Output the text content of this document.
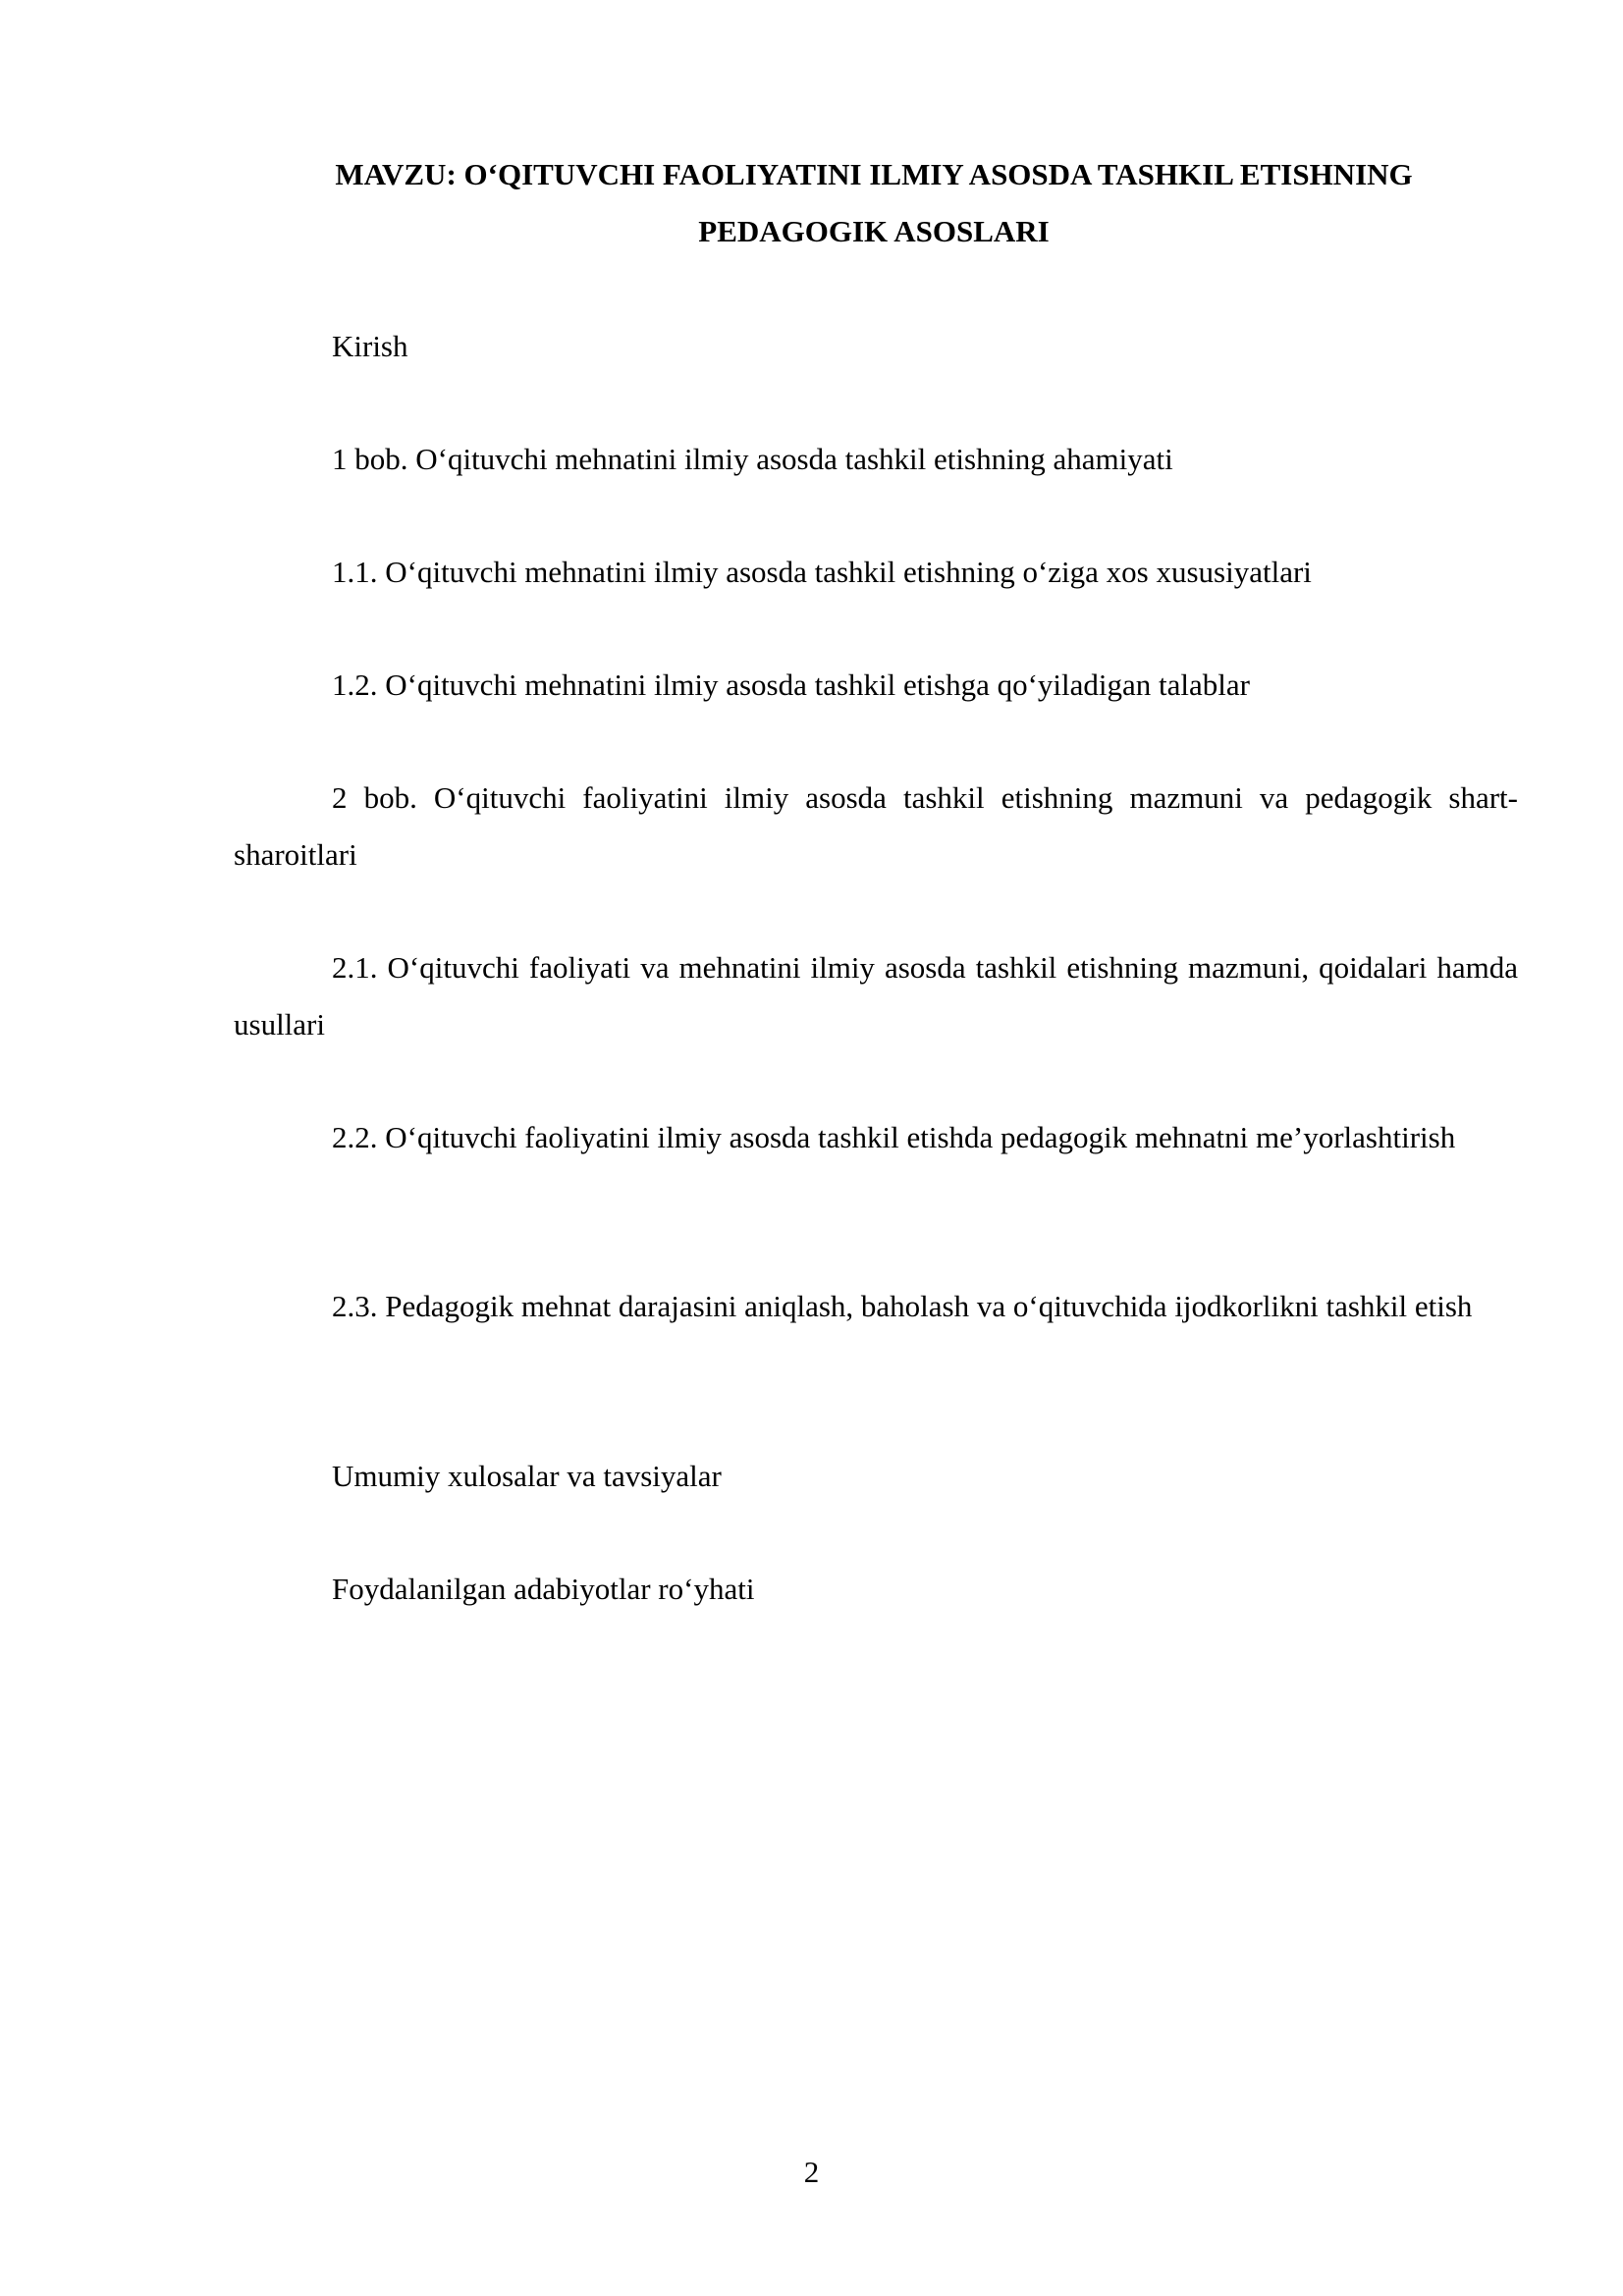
MAVZU: O‘QITUVCHI FAOLIYATINI ILMIY ASOSDA TASHKIL ETISHNING
PEDAGOGIK ASOSLARI

Kirish

1 bob. O‘qituvchi mehnatini ilmiy asosda tashkil etishning ahamiyati

1.1. O‘qituvchi mehnatini ilmiy asosda tashkil etishning o‘ziga xos xususiyatlari

1.2. O‘qituvchi mehnatini ilmiy asosda tashkil etishga qo‘yiladigan talablar

2 bob. O‘qituvchi faoliyatini ilmiy asosda tashkil etishning mazmuni va pedagogik shart-sharoitlari

2.1. O‘qituvchi faoliyati va mehnatini ilmiy asosda tashkil etishning mazmuni, qoidalari hamda usullari

2.2. O‘qituvchi faoliyatini ilmiy asosda tashkil etishda pedagogik mehnatni me’yorlashtirish

2.3. Pedagogik mehnat darajasini aniqlash, baholash va o‘qituvchida ijodkorlikni tashkil etish

Umumiy xulosalar va tavsiyalar

Foydalanilgan adabiyotlar ro‘yhati

2
